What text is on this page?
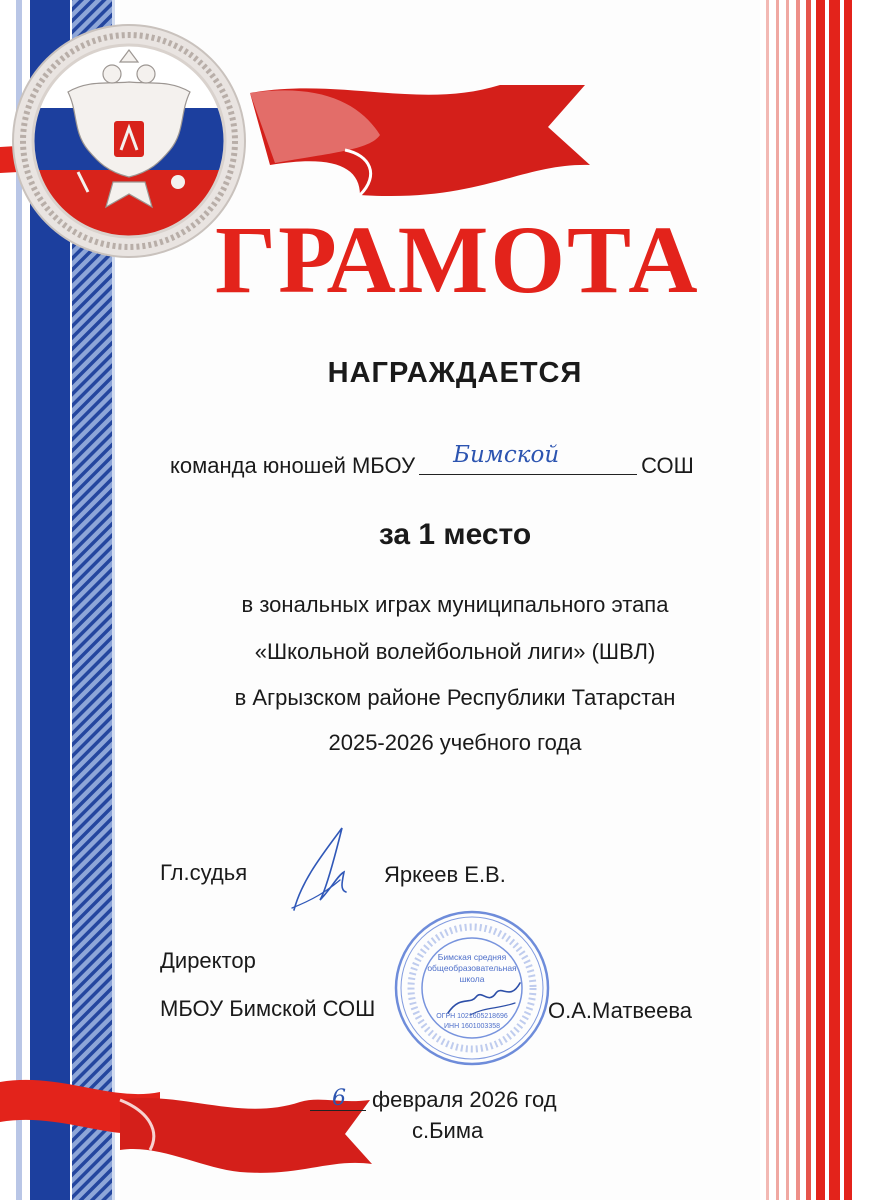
ГРАМОТА
НАГРАЖДАЕТСЯ
команда юношей МБОУ Бимской	СОШ
за 1 место
в зональных играх муниципального этапа
«Школьной волейбольной лиги» (ШВЛ)
в Агрызском районе Республики Татарстан
2025-2026 учебного года
Гл.судья	Яркеев Е.В.
Директор
МБОУ Бимской СОШ	О.А.Матвеева
Бимская средняя
общеобразовательная
школа
ОГРН 1021605218696
ИНН 1601003358
6 февраля 2026 год
с.Бима
